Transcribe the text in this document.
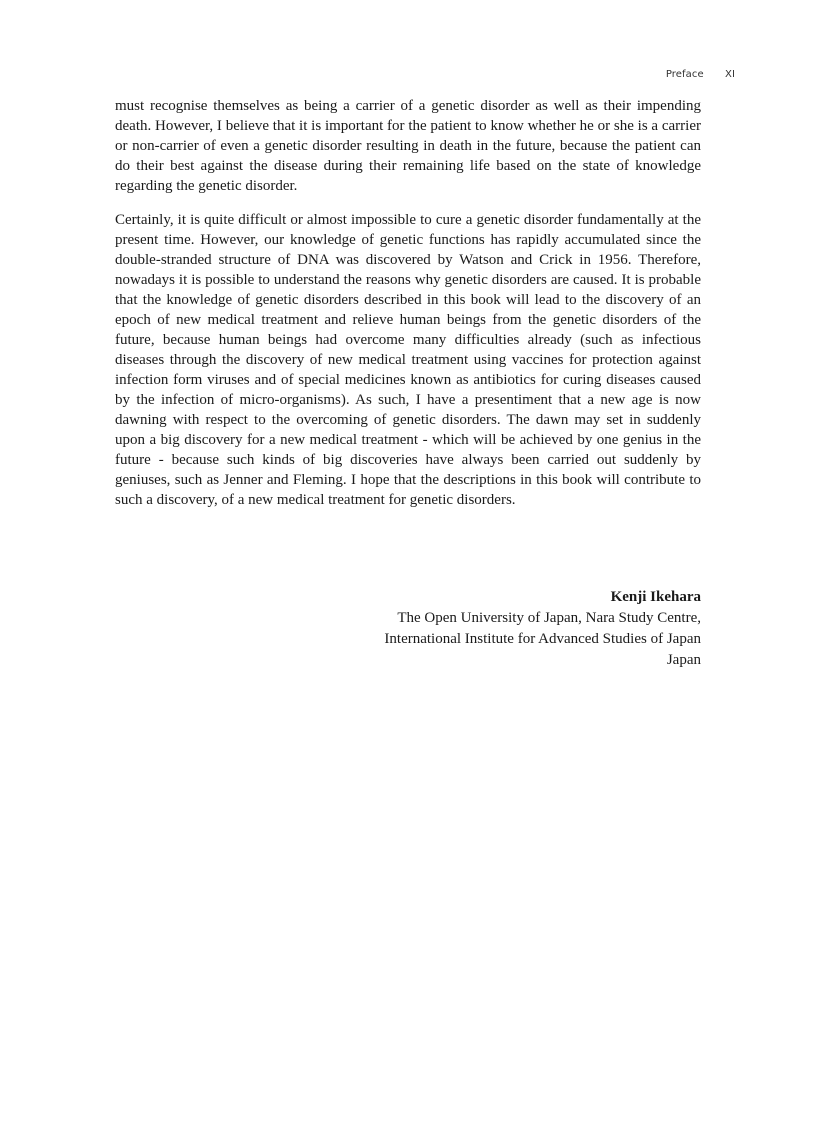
Preface XI

must recognise themselves as being a carrier of a genetic disorder as well as their impending death. However, I believe that it is important for the patient to know whether he or she is a carrier or non-carrier of even a genetic disorder resulting in death in the future, because the patient can do their best against the disease during their remaining life based on the state of knowledge regarding the genetic disorder.

Certainly, it is quite difficult or almost impossible to cure a genetic disorder fundamentally at the present time. However, our knowledge of genetic functions has rapidly accumulated since the double-stranded structure of DNA was discovered by Watson and Crick in 1956. Therefore, nowadays it is possible to understand the reasons why genetic disorders are caused. It is probable that the knowledge of genetic disorders described in this book will lead to the discovery of an epoch of new medical treatment and relieve human beings from the genetic disorders of the future, because human beings had overcome many difficulties already (such as infectious diseases through the discovery of new medical treatment using vaccines for protection against infection form viruses and of special medicines known as antibiotics for curing diseases caused by the infection of micro-organisms). As such, I have a presentiment that a new age is now dawning with respect to the overcoming of genetic disorders. The dawn may set in suddenly upon a big discovery for a new medical treatment - which will be achieved by one genius in the future - because such kinds of big discoveries have always been carried out suddenly by geniuses, such as Jenner and Fleming. I hope that the descriptions in this book will contribute to such a discovery, of a new medical treatment for genetic disorders.

Kenji Ikehara
The Open University of Japan, Nara Study Centre,
International Institute for Advanced Studies of Japan
Japan
